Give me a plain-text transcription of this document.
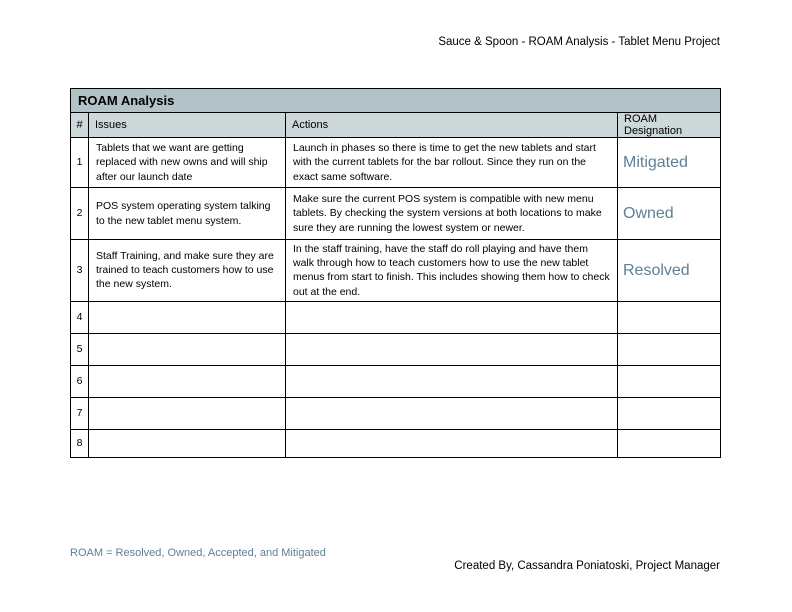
Sauce & Spoon - ROAM Analysis - Tablet Menu Project
ROAM Analysis			
#	Issues	Actions	ROAM Designation
1	Tablets that we want are getting replaced with new owns and will ship after our launch date	Launch in phases so there is time to get the new tablets and start with the current tablets for the bar rollout. Since they run on the exact same software.	Mitigated
2	POS system operating system talking to the new tablet menu system.	Make sure the current POS system is compatible with new menu tablets. By checking the system versions at both locations to make sure they are running the lowest system or newer.	Owned
3	Staff Training, and make sure they are trained to teach customers how to use the new system.	In the staff training, have the staff do roll playing and have them walk through how to teach customers how to use the new tablet menus from start to finish. This includes showing them how to check out at the end.	Resolved
4			
5			
6			
7			
8			
ROAM = Resolved, Owned, Accepted, and Mitigated
Created By, Cassandra Poniatoski, Project Manager
